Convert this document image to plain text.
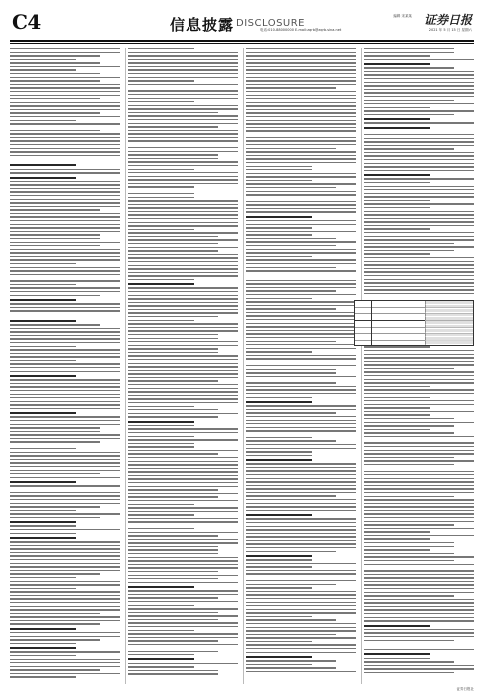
C4	信息披露 DISCLOSURE
编辑 宋某某 证券日报
电话:010-88000000 E-mail:zqrb@zqrb.sina.net	2021 年 5 月 15 日 星期六
证券日报社
